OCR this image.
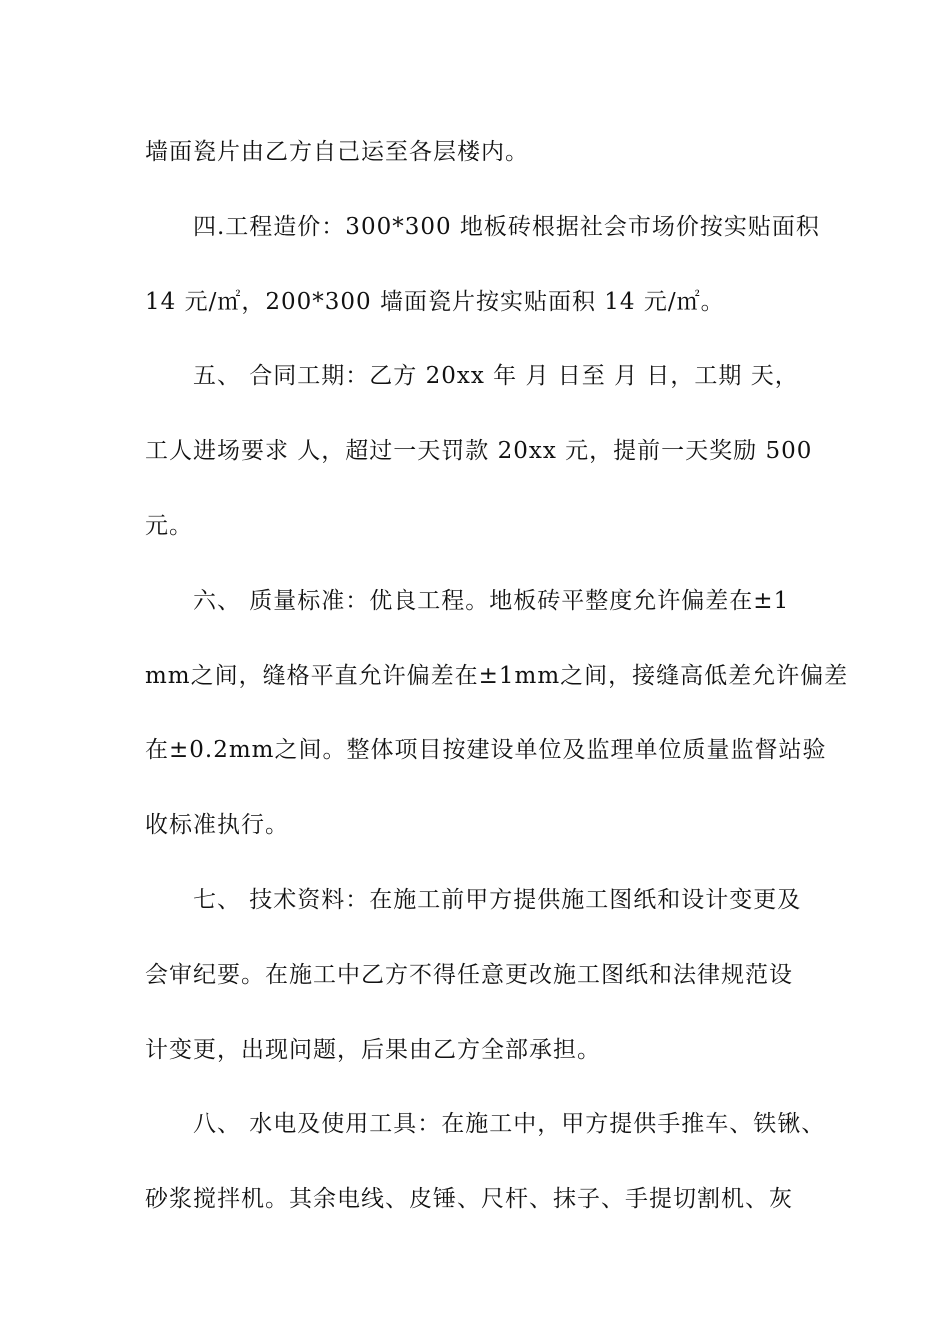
墙面瓷片由乙方自己运至各层楼内。
四.工程造价：300*300 地板砖根据社会市场价按实贴面积
14 元/㎡，200*300 墙面瓷片按实贴面积 14 元/㎡。
五、 合同工期：乙方 20xx 年 月 日至 月 日，工期 天，
工人进场要求 人，超过一天罚款 20xx 元，提前一天奖励 500
元。
六、 质量标准：优良工程。地板砖平整度允许偏差在±1
mm之间，缝格平直允许偏差在±1mm之间，接缝高低差允许偏差
在±0.2mm之间。整体项目按建设单位及监理单位质量监督站验
收标准执行。
七、 技术资料：在施工前甲方提供施工图纸和设计变更及
会审纪要。在施工中乙方不得任意更改施工图纸和法律规范设
计变更，出现问题，后果由乙方全部承担。
八、 水电及使用工具：在施工中，甲方提供手推车、铁锹、
砂浆搅拌机。其余电线、皮锤、尺杆、抹子、手提切割机、灰
